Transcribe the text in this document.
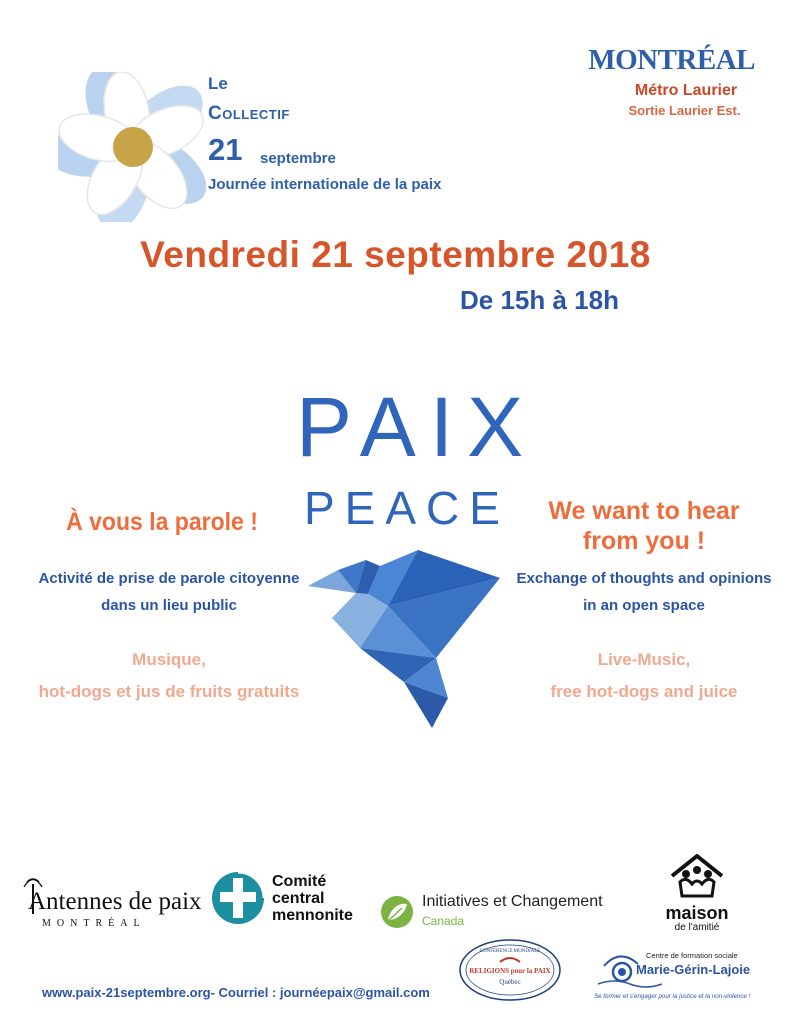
Le
Collectif
21 septembre
Journée internationale de la paix
MONTRÉAL
Métro Laurier
Sortie Laurier Est.
Vendredi 21 septembre 2018
De 15h à 18h
PAIX
PEACE
À vous la parole !
Activité de prise de parole citoyenne
dans un lieu public
Musique,
hot-dogs et jus de fruits gratuits
We want to hear
from you !
Exchange of thoughts and opinions
in an open space
Live-Music,
free hot-dogs and juice
Antennes de paix
MONTRÉAL
Comité
central
mennonite
Initiatives et Changement
Canada	maison
de l'amitié
CONFÉRENCE MONDIALE
RELIGIONS pour la PAIX
Québec
Centre de formation sociale
Marie-Gérin-Lajoie
Se former et s'engager pour la justice et la non-violence !
www.paix-21septembre.org- Courriel : journéepaix@gmail.com
